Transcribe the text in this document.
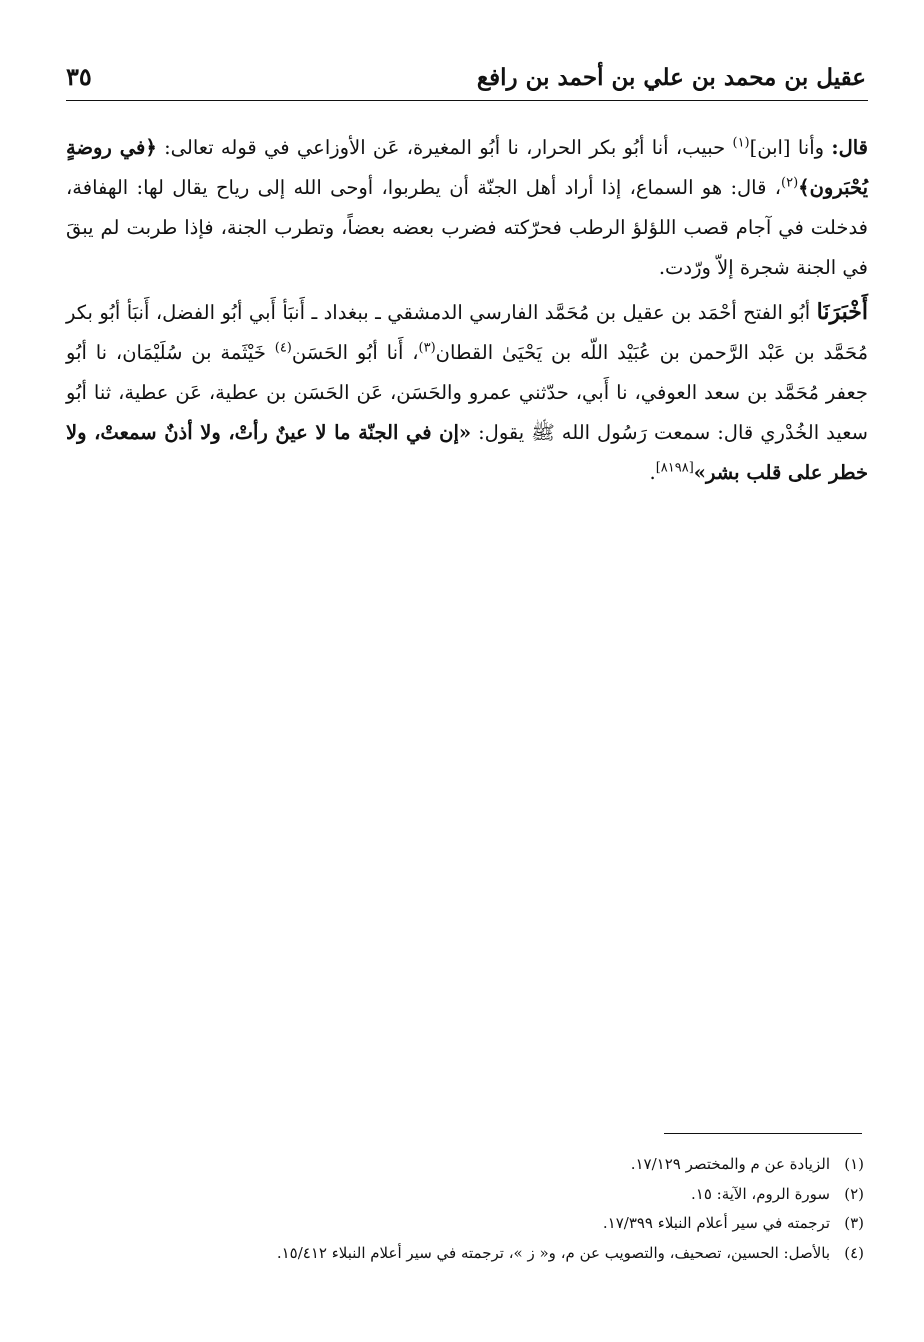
عقيل بن محمد بن علي بن أحمد بن رافع
٣٥

قال: وأنا [ابن]$^{(١)}$ حبيب، أنا أبُو بكر الحرار، نا أبُو المغيرة، عَن الأوزاعي في قوله تعالى: ﴿في روضةٍ يُحْبَرون﴾$^{(٢)}$، قال: هو السماع، إذا أراد أهل الجنّة أن يطربوا، أوحى الله إلى رياح يقال لها: الهفافة، فدخلت في آجام قصب اللؤلؤ الرطب فحرّكته فضرب بعضه بعضاً، وتطرب الجنة، فإذا طربت لم يبقَ في الجنة شجرة إلاّ ورّدت.

أَخْبَرَنَا أبُو الفتح أحْمَد بن عقيل بن مُحَمَّد الفارسي الدمشقي ـ ببغداد ـ أَنبَأ أَبي أبُو الفضل، أَنبَأ أبُو بكر مُحَمَّد بن عَبْد الرَّحمن بن عُبَيْد اللّه بن يَحْيَىٰ القطان$^{(٣)}$، أَنا أبُو الحَسَن$^{(٤)}$ خَيْثَمة بن سُلَيْمَان، نا أبُو جعفر مُحَمَّد بن سعد العوفي، نا أَبي، حدّثني عمرو والحَسَن، عَن الحَسَن بن عطية، عَن عطية، ثنا أبُو سعيد الخُدْري قال: سمعت رَسُول الله ﷺ يقول: «إن في الجنّة ما لا عينٌ رأتْ، ولا أذنٌ سمعتْ، ولا خطر على قلب بشر»[٨١٩٨].

(١)الزيادة عن م والمختصر ١٧/١٢٩.
(٢)سورة الروم، الآية: ١٥.
(٣)ترجمته في سير أعلام النبلاء ١٧/٣٩٩.
(٤)بالأصل: الحسين، تصحيف، والتصويب عن م، و« ز »، ترجمته في سير أعلام النبلاء ١٥/٤١٢.
